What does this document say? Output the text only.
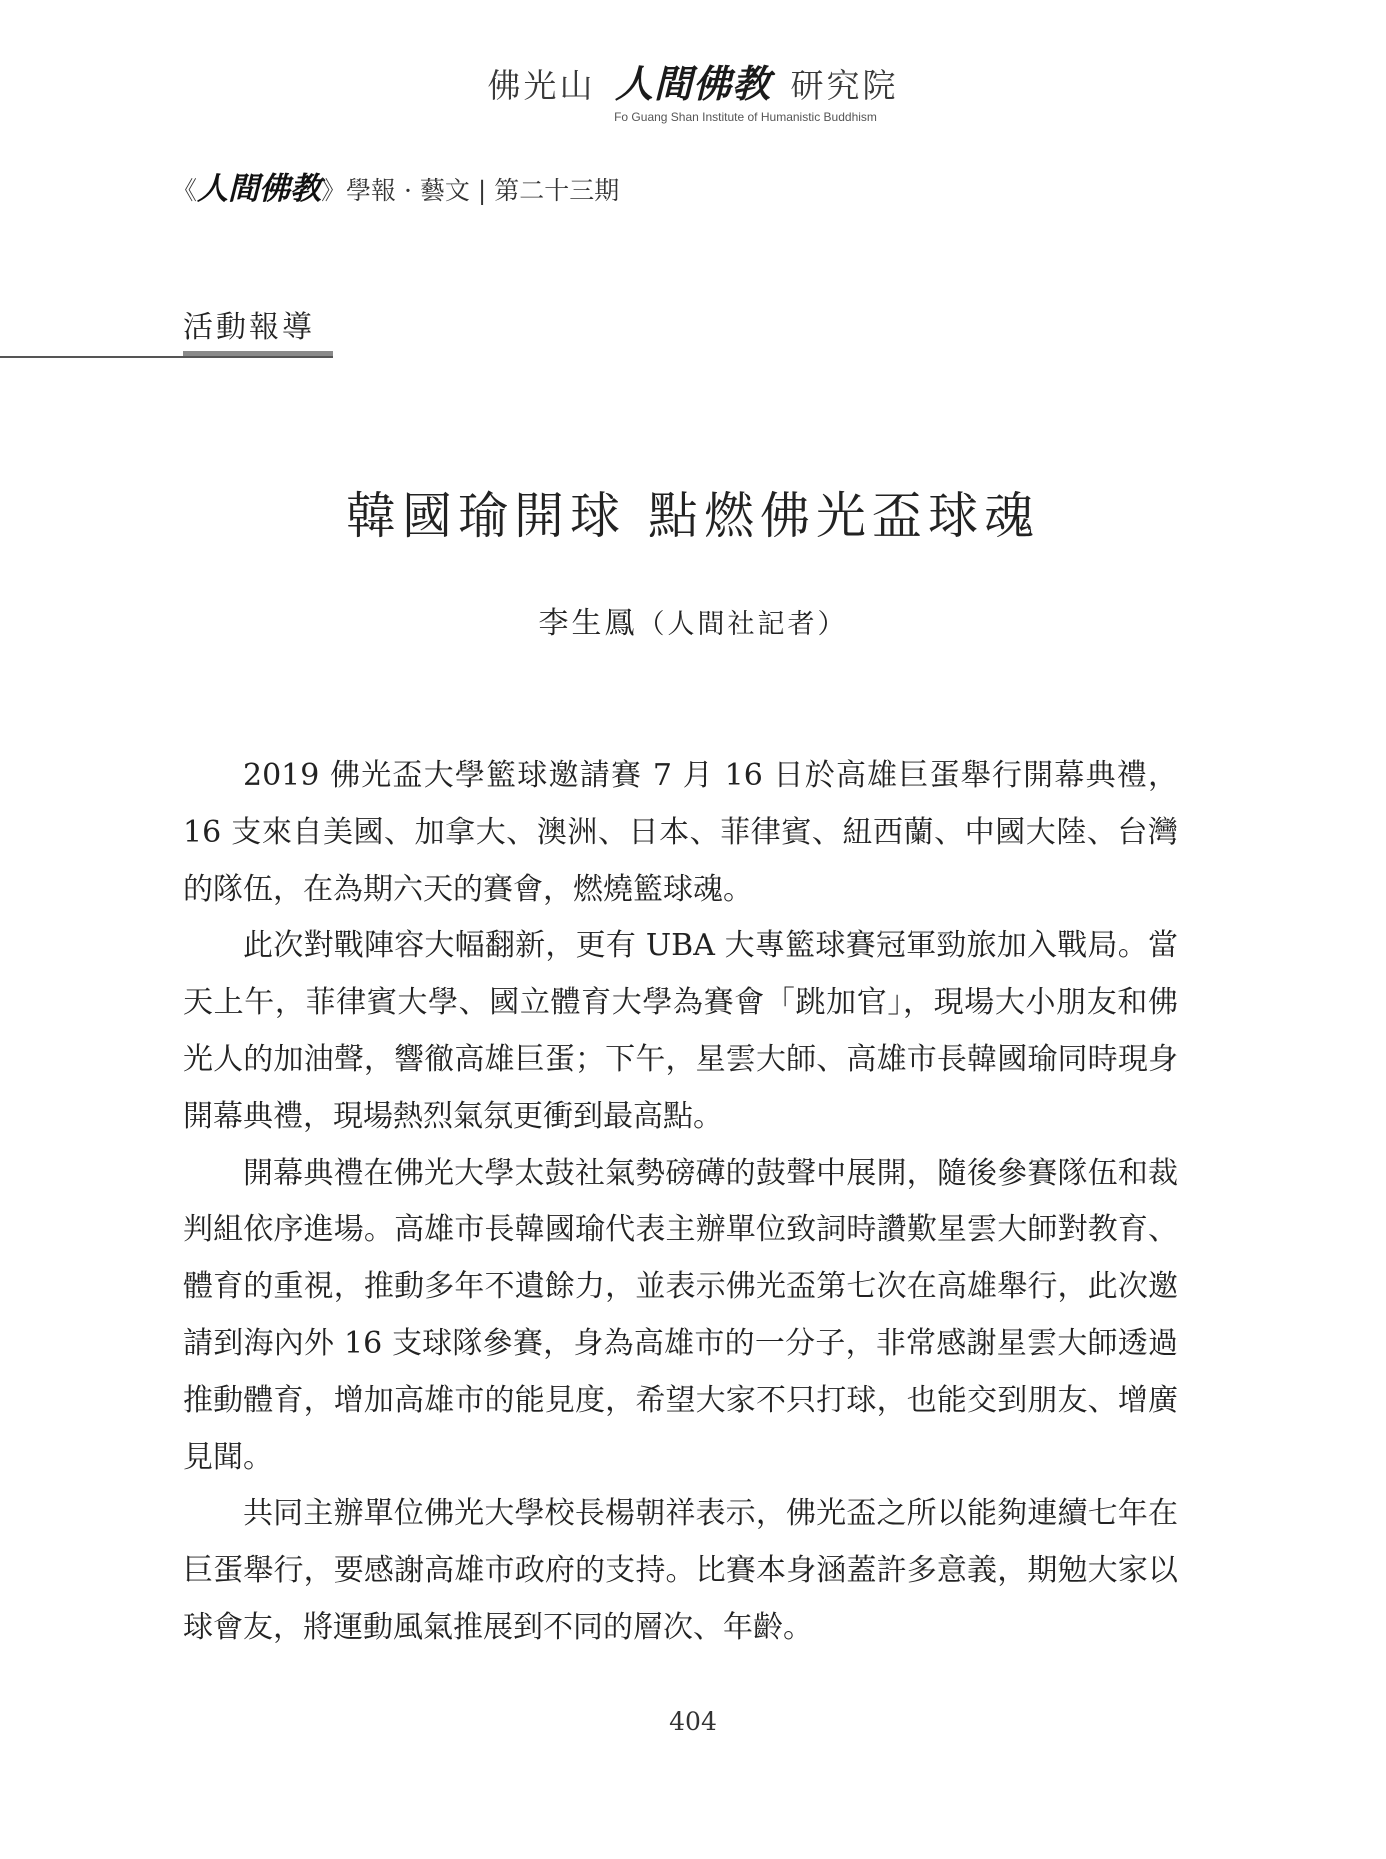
佛光山 人間佛教 研究院
Fo Guang Shan Institute of Humanistic Buddhism
《人間佛教》學報 · 藝文 | 第二十三期
活動報導
韓國瑜開球 點燃佛光盃球魂
李生鳳（人間社記者）

2019 佛光盃大學籃球邀請賽 7 月 16 日於高雄巨蛋舉行開幕典禮，16 支來自美國、加拿大、澳洲、日本、菲律賓、紐西蘭、中國大陸、台灣的隊伍，在為期六天的賽會，燃燒籃球魂。

此次對戰陣容大幅翻新，更有 UBA 大專籃球賽冠軍勁旅加入戰局。當天上午，菲律賓大學、國立體育大學為賽會「跳加官」，現場大小朋友和佛光人的加油聲，響徹高雄巨蛋；下午，星雲大師、高雄市長韓國瑜同時現身開幕典禮，現場熱烈氣氛更衝到最高點。

開幕典禮在佛光大學太鼓社氣勢磅礡的鼓聲中展開，隨後參賽隊伍和裁判組依序進場。高雄市長韓國瑜代表主辦單位致詞時讚歎星雲大師對教育、體育的重視，推動多年不遺餘力，並表示佛光盃第七次在高雄舉行，此次邀請到海內外 16 支球隊參賽，身為高雄市的一分子，非常感謝星雲大師透過推動體育，增加高雄市的能見度，希望大家不只打球，也能交到朋友、增廣見聞。

共同主辦單位佛光大學校長楊朝祥表示，佛光盃之所以能夠連續七年在巨蛋舉行，要感謝高雄市政府的支持。比賽本身涵蓋許多意義，期勉大家以球會友，將運動風氣推展到不同的層次、年齡。

404
